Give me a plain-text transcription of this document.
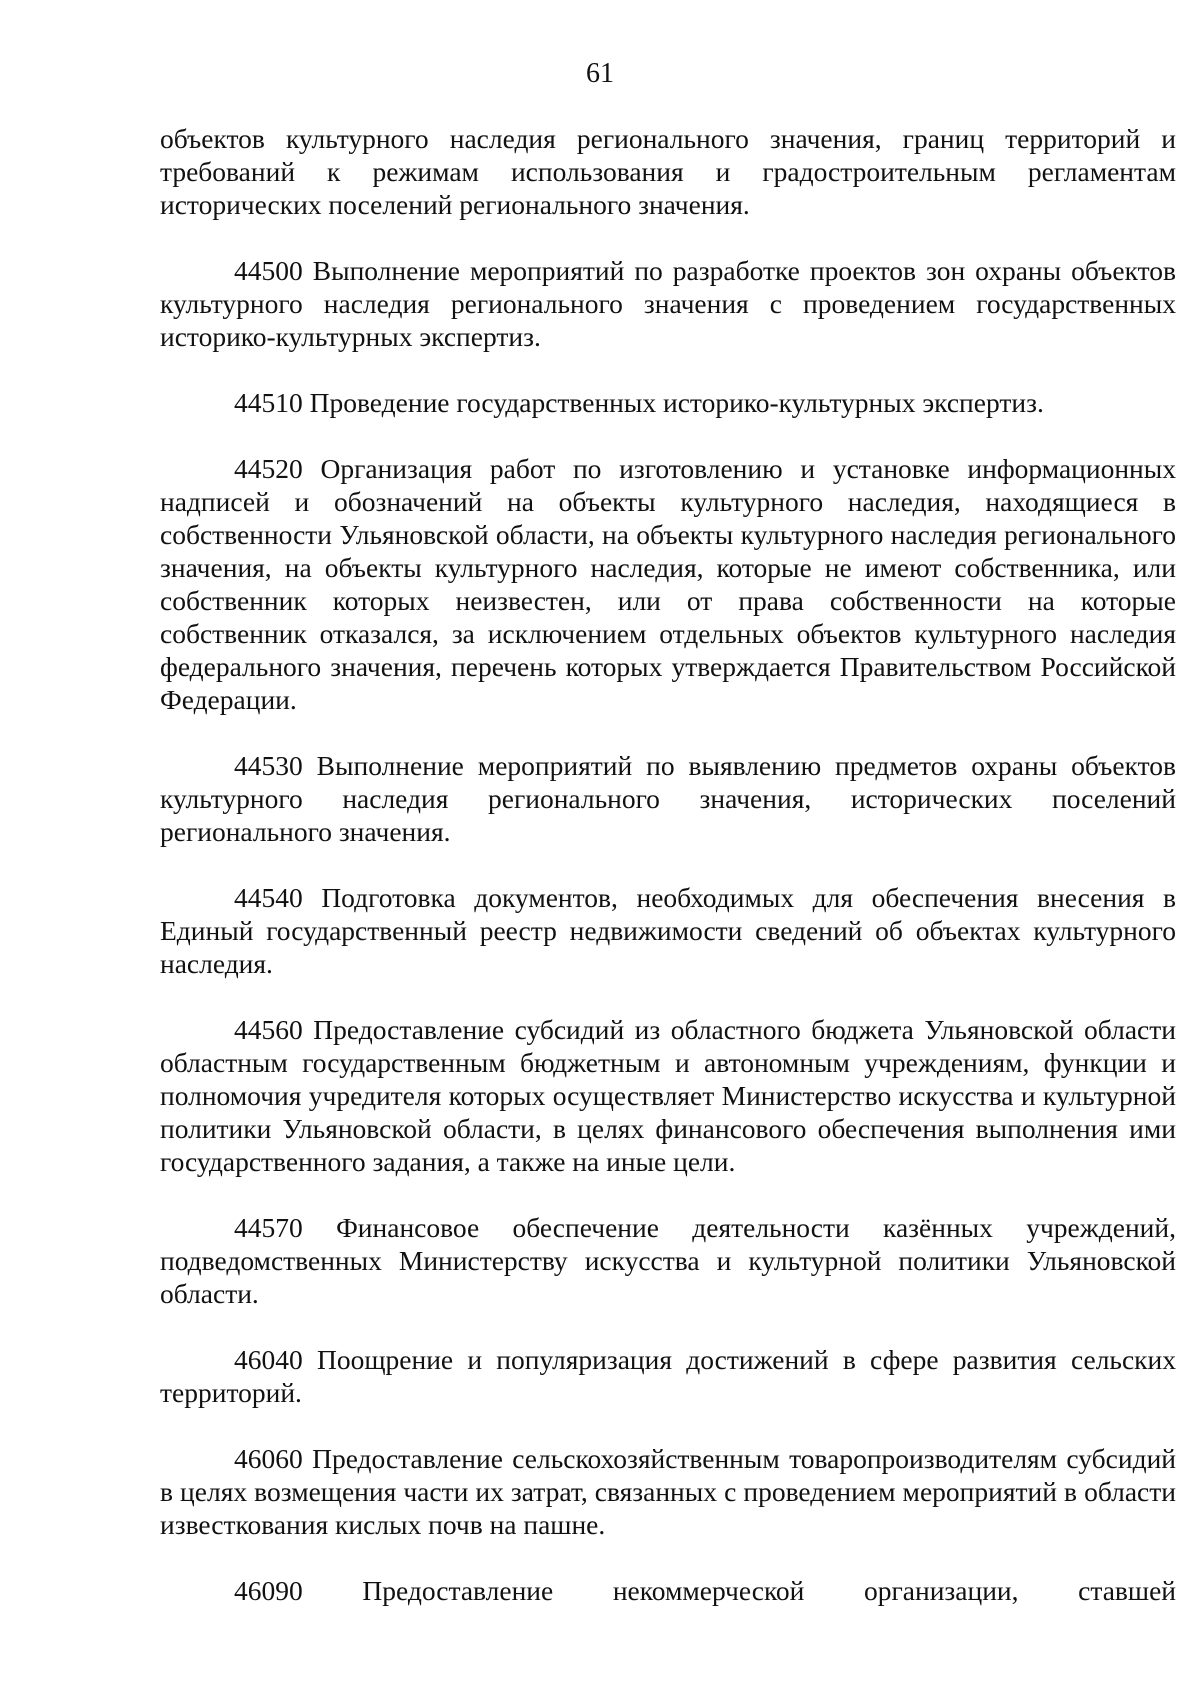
61

объектов культурного наследия регионального значения, границ территорий и требований к режимам использования и градостроительным регламентам исторических поселений регионального значения.

44500 Выполнение мероприятий по разработке проектов зон охраны объектов культурного наследия регионального значения с проведением государственных историко-культурных экспертиз.

44510 Проведение государственных историко-культурных экспертиз.

44520 Организация работ по изготовлению и установке информационных надписей и обозначений на объекты культурного наследия, находящиеся в собственности Ульяновской области, на объекты культурного наследия регионального значения, на объекты культурного наследия, которые не имеют собственника, или собственник которых неизвестен, или от права собственности на которые собственник отказался, за исключением отдельных объектов культурного наследия федерального значения, перечень которых утверждается Правительством Российской Федерации.

44530 Выполнение мероприятий по выявлению предметов охраны объектов культурного наследия регионального значения, исторических поселений регионального значения.

44540 Подготовка документов, необходимых для обеспечения внесения в Единый государственный реестр недвижимости сведений об объектах культурного наследия.

44560 Предоставление субсидий из областного бюджета Ульяновской области областным государственным бюджетным и автономным учреждениям, функции и полномочия учредителя которых осуществляет Министерство искусства и культурной политики Ульяновской области, в целях финансового обеспечения выполнения ими государственного задания, а также на иные цели.

44570 Финансовое обеспечение деятельности казённых учреждений, подведомственных Министерству искусства и культурной политики Ульяновской области.

46040 Поощрение и популяризация достижений в сфере развития сельских территорий.

46060 Предоставление сельскохозяйственным товаропроизводителям субсидий в целях возмещения части их затрат, связанных с проведением мероприятий в области известкования кислых почв на пашне.

46090 Предоставление некоммерческой организации, ставшей
